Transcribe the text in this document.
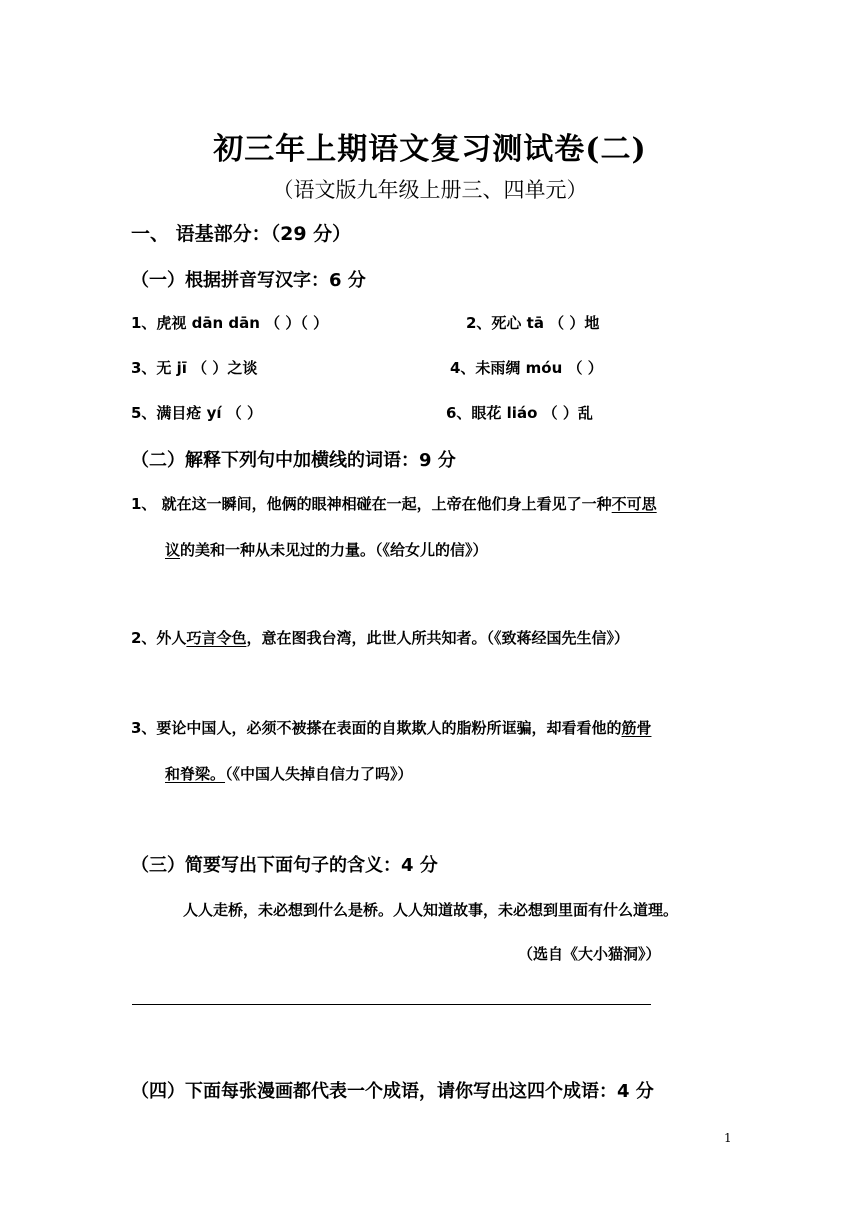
初三年上期语文复习测试卷(二)
（语文版九年级上册三、四单元）
一、 语基部分：（29 分）
（一）根据拼音写汉字：6 分
1、虎视 dān dān （ ）（ ）	2、死心 tā （ ）地
3、无 jī （ ）之谈	4、未雨绸 móu （ ）
5、满目疮 yí （ ）	6、眼花 liáo （ ）乱
（二）解释下列句中加横线的词语：9 分
1、 就在这一瞬间，他俩的眼神相碰在一起，上帝在他们身上看见了一种不可思
议的美和一种从未见过的力量。（《给女儿的信》）
2、外人巧言令色，意在图我台湾，此世人所共知者。（《致蒋经国先生信》）
3、要论中国人，必须不被搽在表面的自欺欺人的脂粉所诓骗，却看看他的筋骨
和脊梁。（《中国人失掉自信力了吗》）
（三）简要写出下面句子的含义：4 分
人人走桥，未必想到什么是桥。人人知道故事，未必想到里面有什么道理。
（选自《大小猫洞》）
（四）下面每张漫画都代表一个成语，请你写出这四个成语：4 分
1
